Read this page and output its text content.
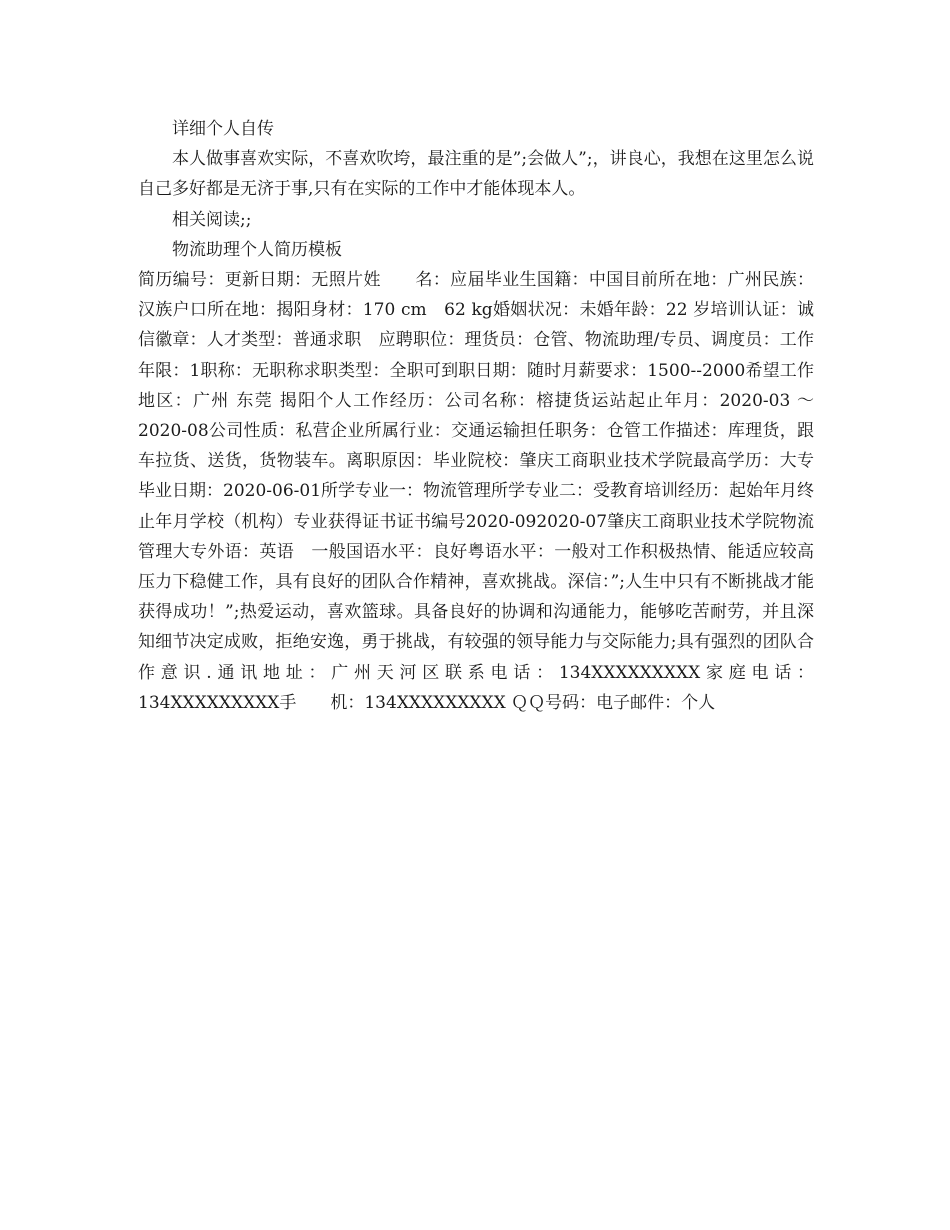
详细个人自传

本人做事喜欢实际，不喜欢吹垮，最注重的是”;会做人”;，讲良心，我想在这里怎么说自己多好都是无济于事,只有在实际的工作中才能体现本人。

相关阅读;;

物流助理个人简历模板

简历编号：更新日期：无照片姓　　名：应届毕业生国籍：中国目前所在地：广州民族：汉族户口所在地：揭阳身材：170 cm　62 kg婚姻状况：未婚年龄：22 岁培训认证：诚信徽章：人才类型：普通求职　应聘职位：理货员：仓管、物流助理/专员、调度员：工作年限：1职称：无职称求职类型：全职可到职日期：随时月薪要求：1500--2000希望工作地区：广州 东莞 揭阳个人工作经历：公司名称：榕捷货运站起止年月：2020-03 ～ 2020-08公司性质：私营企业所属行业：交通运输担任职务：仓管工作描述：库理货，跟车拉货、送货，货物装车。离职原因：毕业院校：肇庆工商职业技术学院最高学历：大专毕业日期：2020-06-01所学专业一：物流管理所学专业二：受教育培训经历：起始年月终止年月学校（机构）专业获得证书证书编号2020-092020-07肇庆工商职业技术学院物流管理大专外语：英语　一般国语水平：良好粤语水平：一般对工作积极热情、能适应较高压力下稳健工作，具有良好的团队合作精神，喜欢挑战。深信：”;人生中只有不断挑战才能获得成功！”;热爱运动，喜欢篮球。具备良好的协调和沟通能力，能够吃苦耐劳，并且深知细节决定成败，拒绝安逸，勇于挑战，有较强的领导能力与交际能力;具有强烈的团队合作意识.通讯地址：广州天河区联系电话：134XXXXXXXXX家庭电话：134XXXXXXXXX手　　机：134XXXXXXXXX ＱＱ号码：电子邮件：个人
